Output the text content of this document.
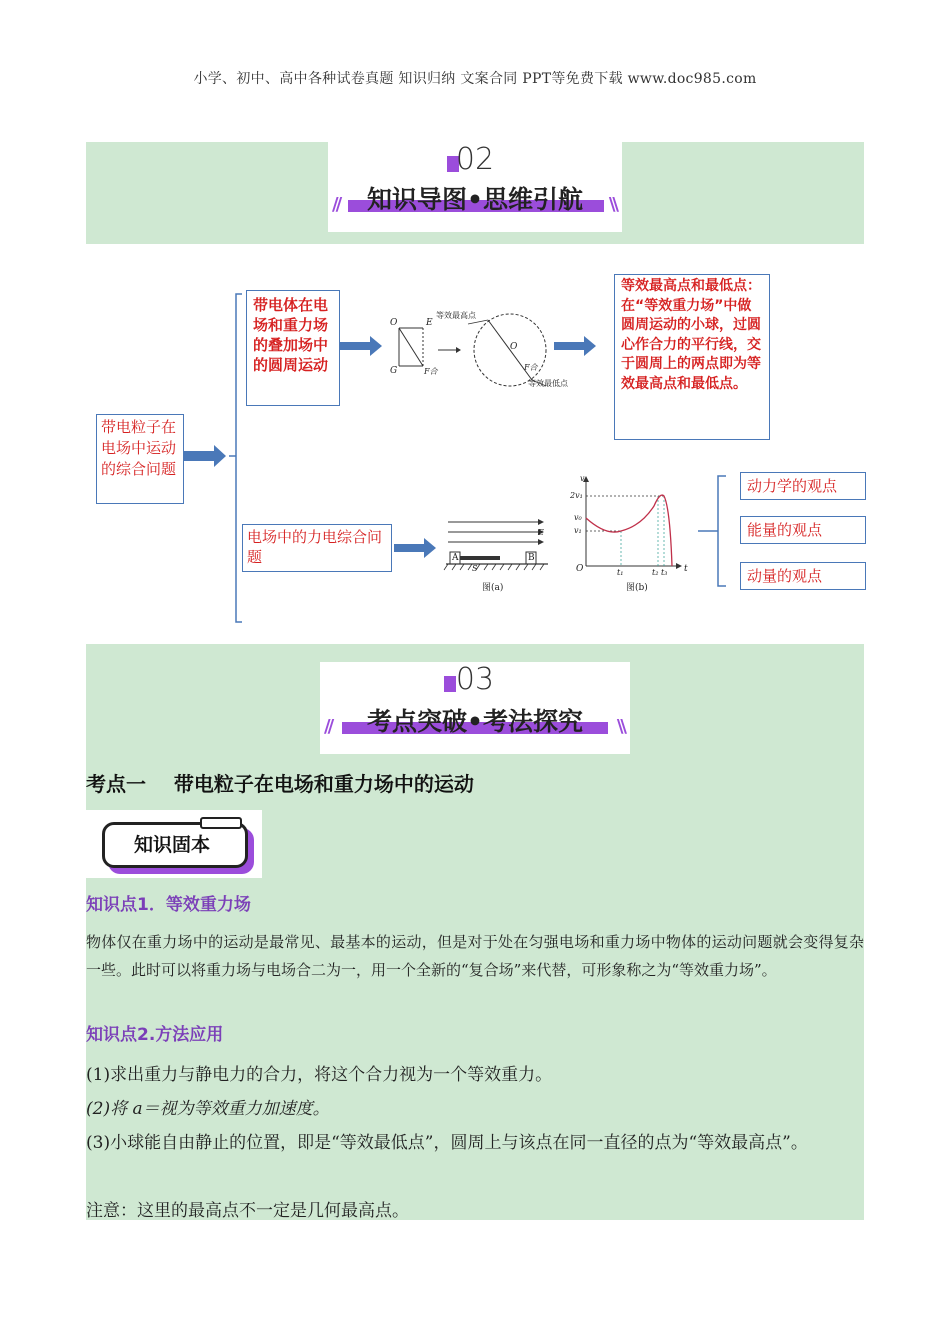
小学、初中、高中各种试卷真题 知识归纳 文案合同 PPT等免费下载 www.doc985.com
02
知识导图•思维引航
//	\\
带电粒子在电场中运动的综合问题
带电体在电场和重力场的叠加场中的圆周运动
等效最高点和最低点：在“等效重力场”中做圆周运动的小球，过圆心作合力的平行线，交于圆周上的两点即为等效最高点和最低点。
电场中的力电综合问题
动力学的观点
能量的观点
动量的观点
O	E
G	F合
等效最高点
等效最低点
O
F合
E
A	B
S
图(a)
v
t
2v₁
v₀
v₁
O	t₁	t₂ t₃
图(b)
03
考点突破•考法探究
//	\\
考点一    带电粒子在电场和重力场中的运动
知识固本
知识点1．等效重力场
物体仅在重力场中的运动是最常见、最基本的运动，但是对于处在匀强电场和重力场中物体的运动问题就会变得复杂一些。此时可以将重力场与电场合二为一，用一个全新的“复合场”来代替，可形象称之为“等效重力场”。
知识点2.方法应用
(1)求出重力与静电力的合力，将这个合力视为一个等效重力。
(2)将 a＝视为等效重力加速度。
(3)小球能自由静止的位置，即是“等效最低点”，圆周上与该点在同一直径的点为“等效最高点”。
注意：这里的最高点不一定是几何最高点。
